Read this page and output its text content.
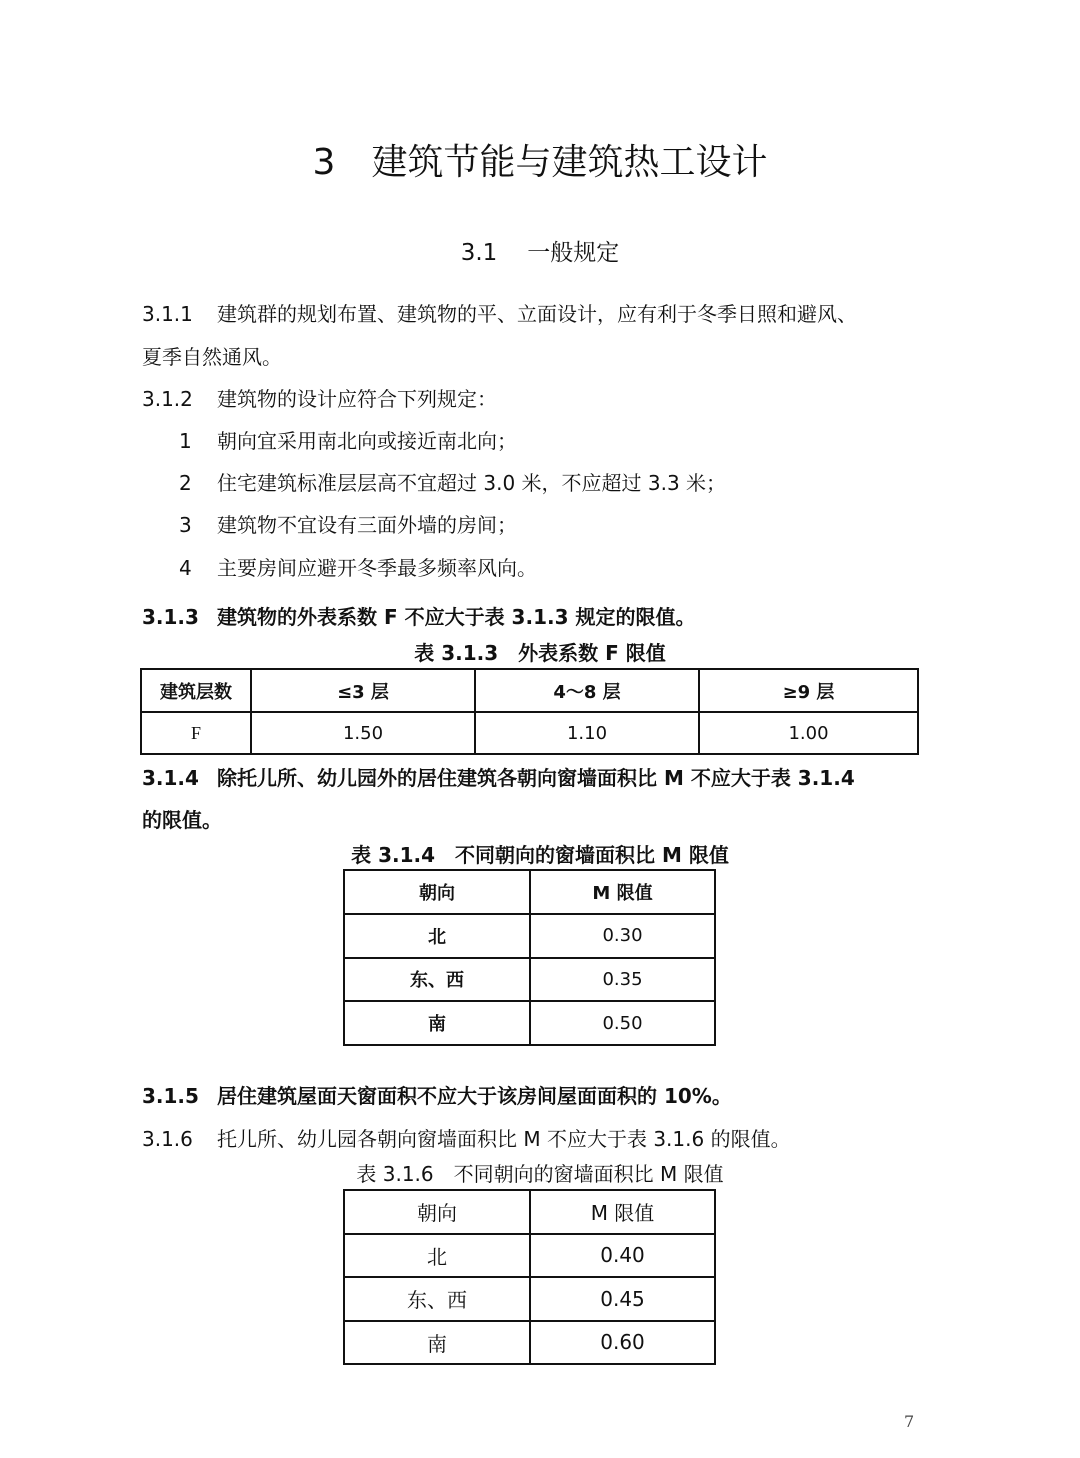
3 建筑节能与建筑热工设计
3.1 一般规定
3.1.1 建筑群的规划布置、建筑物的平、立面设计，应有利于冬季日照和避风、
夏季自然通风。
3.1.2 建筑物的设计应符合下列规定：
1 朝向宜采用南北向或接近南北向；
2 住宅建筑标准层层高不宜超过 3.0 米，不应超过 3.3 米；
3 建筑物不宜设有三面外墙的房间；
4 主要房间应避开冬季最多频率风向。
3.1.3 建筑物的外表系数 F 不应大于表 3.1.3 规定的限值。
表 3.1.3　外表系数 F 限值
建筑层数	≤3 层	4～8 层	≥9 层
F	1.50	1.10	1.00
3.1.4 除托儿所、幼儿园外的居住建筑各朝向窗墙面积比 M 不应大于表 3.1.4
的限值。
表 3.1.4　不同朝向的窗墙面积比 M 限值
朝向	M 限值
北	0.30
东、西	0.35
南	0.50
3.1.5 居住建筑屋面天窗面积不应大于该房间屋面面积的 10%。
3.1.6 托儿所、幼儿园各朝向窗墙面积比 M 不应大于表 3.1.6 的限值。
表 3.1.6　不同朝向的窗墙面积比 M 限值
朝向	M 限值
北	0.40
东、西	0.45
南	0.60
7
